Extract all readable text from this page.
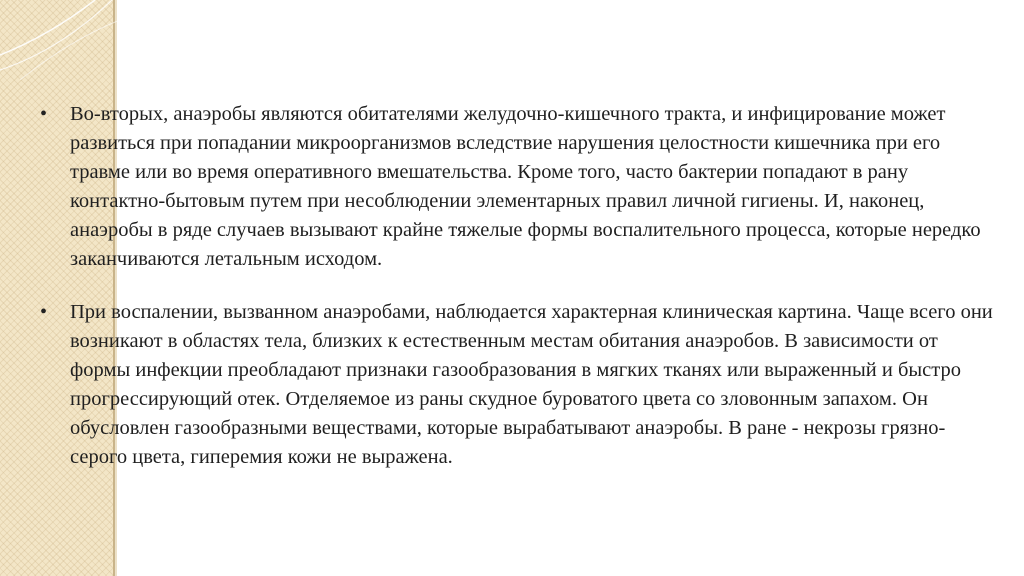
•	Во-вторых, анаэробы являются обитателями желудочно-кишечного тракта, и инфицирование может развиться при попадании микроорганизмов вследствие нарушения целостности кишечника при его травме или во время оперативного вмешательства. Кроме того, часто бактерии попадают в рану контактно-бытовым путем при несоблюдении элементарных правил личной гигиены. И, наконец, анаэробы в ряде случаев вызывают крайне тяжелые формы воспалительного процесса, которые нередко заканчиваются летальным исходом.

•	При воспалении, вызванном анаэробами, наблюдается характерная клиническая картина. Чаще всего они возникают в областях тела, близких к естественным местам обитания анаэробов. В зависимости от формы инфекции преобладают признаки газообразования в мягких тканях или выраженный и быстро прогрессирующий отек. Отделяемое из раны скудное буроватого цвета со зловонным запахом. Он обусловлен газообразными веществами, которые вырабатывают анаэробы. В ране - некрозы грязно-серого цвета, гиперемия кожи не выражена.
